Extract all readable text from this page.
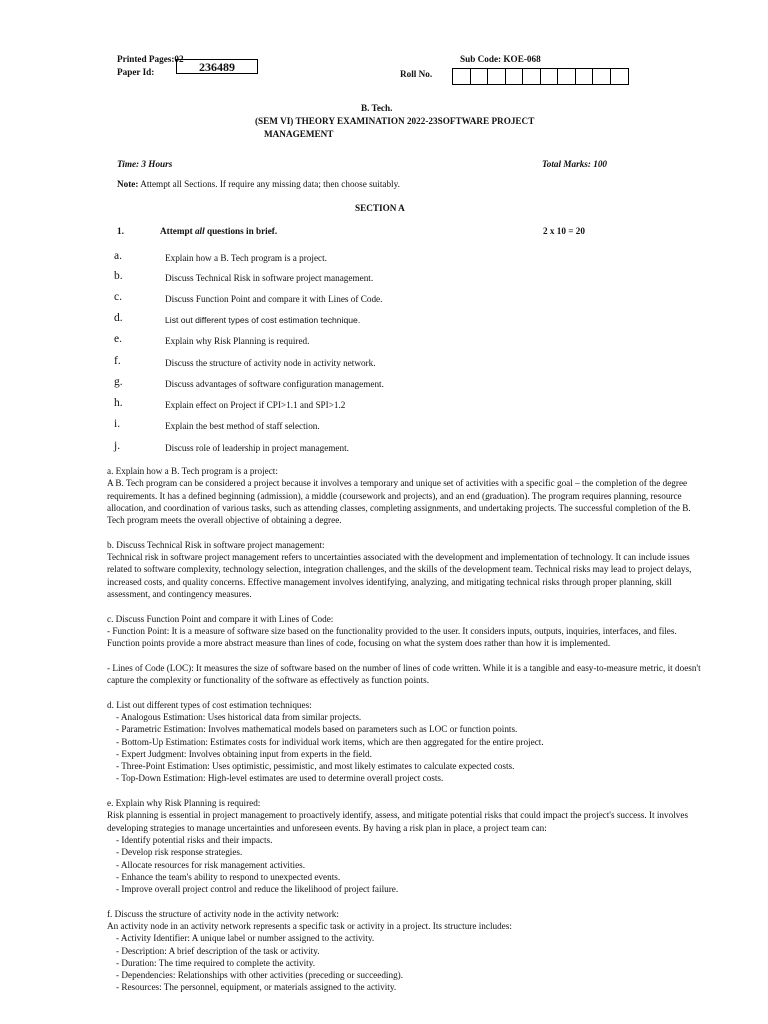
Printed Pages:02
Paper Id:	236489
Sub Code: KOE-068
Roll No.
B. Tech.
(SEM VI) THEORY EXAMINATION 2022-23SOFTWARE PROJECT
MANAGEMENT
Time: 3 Hours	Total Marks: 100
Note: Attempt all Sections. If require any missing data; then choose suitably.
SECTION A
1.	Attempt all questions in brief.	2 x 10 = 20
a.	Explain how a B. Tech program is a project.
b.	Discuss Technical Risk in software project management.
c.	Discuss Function Point and compare it with Lines of Code.
d.	List out different types of cost estimation technique.
e.	Explain why Risk Planning is required.
f.	Discuss the structure of activity node in activity network.
g.	Discuss advantages of software configuration management.
h.	Explain effect on Project if CPI>1.1 and SPI>1.2
i.	Explain the best method of staff selection.
j.	Discuss role of leadership in project management.

a. Explain how a B. Tech program is a project:

A B. Tech program can be considered a project because it involves a temporary and unique set of activities with a specific goal – the completion of the degree

requirements. It has a defined beginning (admission), a middle (coursework and projects), and an end (graduation). The program requires planning, resource

allocation, and coordination of various tasks, such as attending classes, completing assignments, and undertaking projects. The successful completion of the B.

Tech program meets the overall objective of obtaining a degree.

b. Discuss Technical Risk in software project management:

Technical risk in software project management refers to uncertainties associated with the development and implementation of technology. It can include issues

related to software complexity, technology selection, integration challenges, and the skills of the development team. Technical risks may lead to project delays,

increased costs, and quality concerns. Effective management involves identifying, analyzing, and mitigating technical risks through proper planning, skill

assessment, and contingency measures.

c. Discuss Function Point and compare it with Lines of Code:

- Function Point: It is a measure of software size based on the functionality provided to the user. It considers inputs, outputs, inquiries, interfaces, and files.

Function points provide a more abstract measure than lines of code, focusing on what the system does rather than how it is implemented.

- Lines of Code (LOC): It measures the size of software based on the number of lines of code written. While it is a tangible and easy-to-measure metric, it doesn't

capture the complexity or functionality of the software as effectively as function points.

d. List out different types of cost estimation techniques:

- Analogous Estimation: Uses historical data from similar projects.

- Parametric Estimation: Involves mathematical models based on parameters such as LOC or function points.

- Bottom-Up Estimation: Estimates costs for individual work items, which are then aggregated for the entire project.

- Expert Judgment: Involves obtaining input from experts in the field.

- Three-Point Estimation: Uses optimistic, pessimistic, and most likely estimates to calculate expected costs.

- Top-Down Estimation: High-level estimates are used to determine overall project costs.

e. Explain why Risk Planning is required:

Risk planning is essential in project management to proactively identify, assess, and mitigate potential risks that could impact the project's success. It involves

developing strategies to manage uncertainties and unforeseen events. By having a risk plan in place, a project team can:

- Identify potential risks and their impacts.

- Develop risk response strategies.

- Allocate resources for risk management activities.

- Enhance the team's ability to respond to unexpected events.

- Improve overall project control and reduce the likelihood of project failure.

f. Discuss the structure of activity node in the activity network:

An activity node in an activity network represents a specific task or activity in a project. Its structure includes:

- Activity Identifier: A unique label or number assigned to the activity.

- Description: A brief description of the task or activity.

- Duration: The time required to complete the activity.

- Dependencies: Relationships with other activities (preceding or succeeding).

- Resources: The personnel, equipment, or materials assigned to the activity.
